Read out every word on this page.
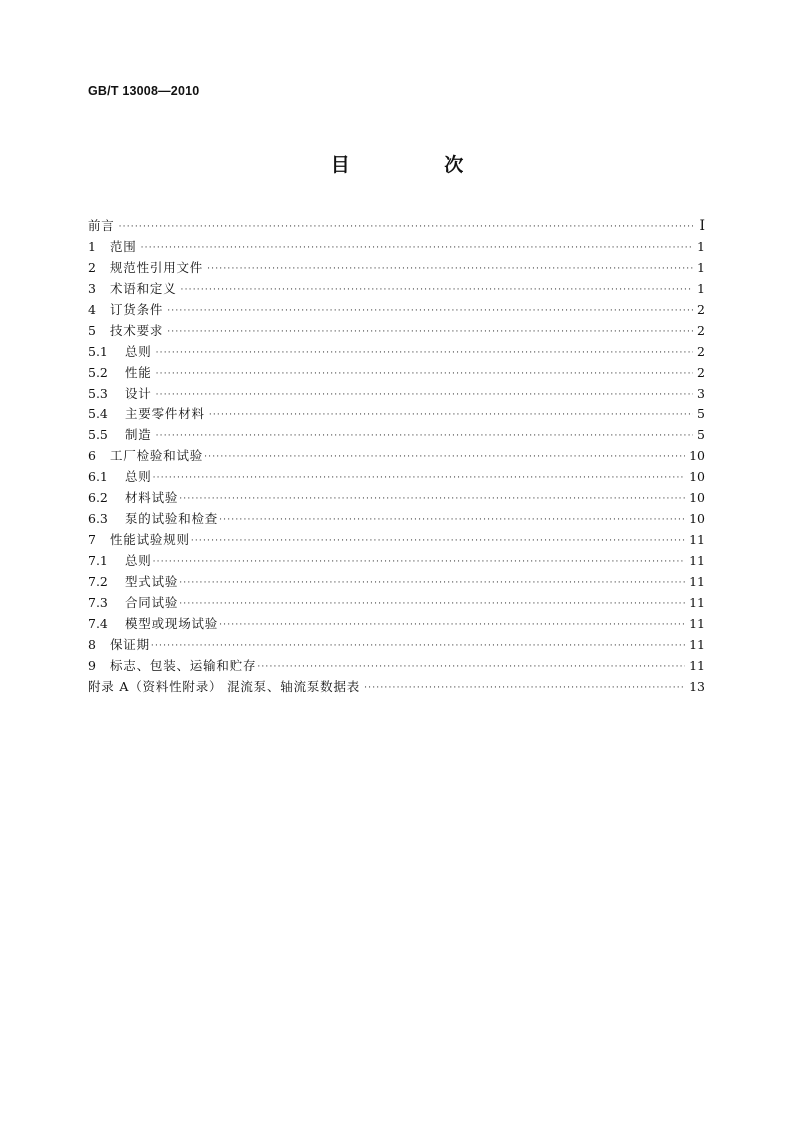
GB/T 13008—2010

目 次
前言 ·····	I
1	范围 ·····	1
2	规范性引用文件 ·····	1
3	术语和定义 ·····	1
4	订货条件 ·····	2
5	技术要求 ·····	2
5.1	总则 ·····	2
5.2	性能 ·····	2
5.3	设计 ·····	3
5.4	主要零件材料 ·····	5
5.5	制造 ·····	5
6	工厂检验和试验 ·····	10
6.1	总则 ·····	10
6.2	材料试验 ·····	10
6.3	泵的试验和检查 ·····	10
7	性能试验规则 ·····	11
7.1	总则 ·····	11
7.2	型式试验 ·····	11
7.3	合同试验 ·····	11
7.4	模型或现场试验 ·····	11
8	保证期 ·····	11
9	标志、包装、运输和贮存 ·····	11
附录 A（资料性附录） 混流泵、轴流泵数据表 ·····	13
